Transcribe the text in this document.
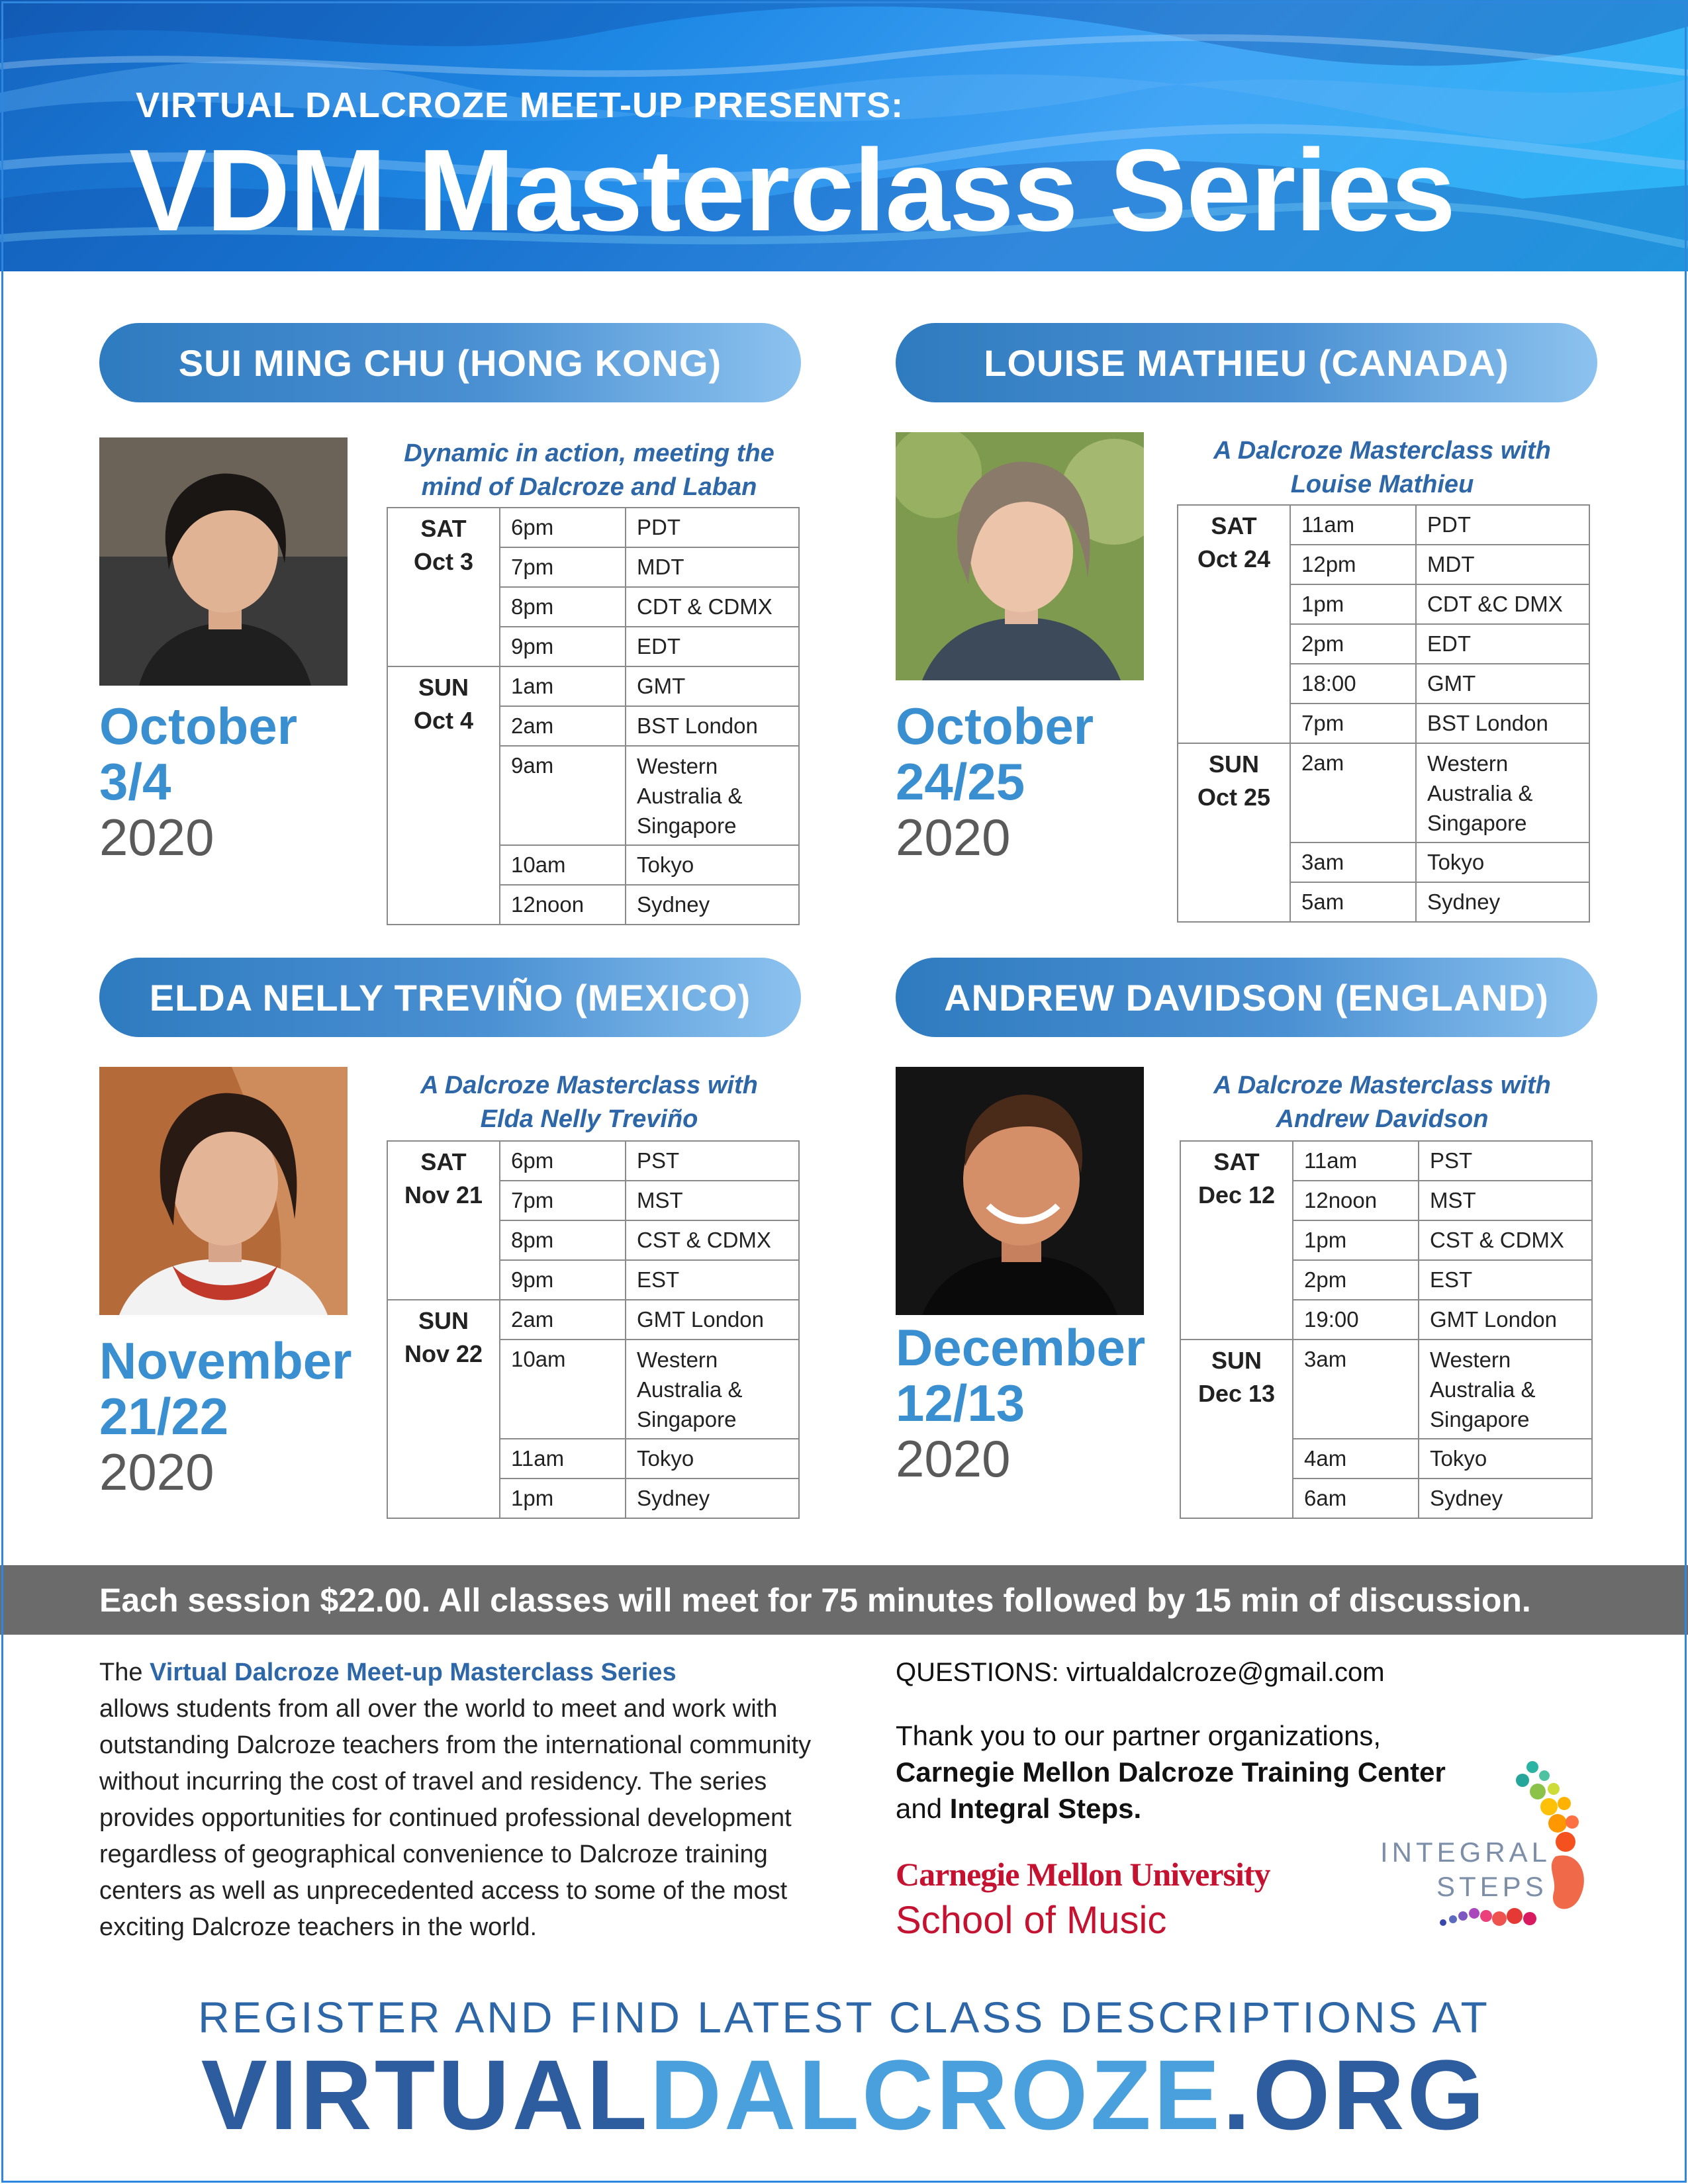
VIRTUAL DALCROZE MEET-UP PRESENTS:
VDM Masterclass Series
SUI MING CHU (HONG KONG)
October
3/4
2020
Dynamic in action, meeting the
mind of Dalcroze and Laban
SAT
Oct 3	6pm	PDT
	7pm	MDT
	8pm	CDT & CDMX
	9pm	EDT
SUN
Oct 4	1am	GMT
	2am	BST London
	9am	Western Australia & Singapore
	10am	Tokyo
	12noon	Sydney
LOUISE MATHIEU (CANADA)
October
24/25
2020
A Dalcroze Masterclass with
Louise Mathieu
SAT
Oct 24	11am	PDT
	12pm	MDT
	1pm	CDT &C DMX
	2pm	EDT
	18:00	GMT
	7pm	BST London
SUN
Oct 25	2am	Western Australia & Singapore
	3am	Tokyo
	5am	Sydney
ELDA NELLY TREVIÑO (MEXICO)
November
21/22
2020
A Dalcroze Masterclass with
Elda Nelly Treviño
SAT
Nov 21	6pm	PST
	7pm	MST
	8pm	CST & CDMX
	9pm	EST
SUN
Nov 22	2am	GMT London
	10am	Western Australia & Singapore
	11am	Tokyo
	1pm	Sydney
ANDREW DAVIDSON (ENGLAND)
December
12/13
2020
A Dalcroze Masterclass with
Andrew Davidson
SAT
Dec 12	11am	PST
	12noon	MST
	1pm	CST & CDMX
	2pm	EST
	19:00	GMT London
SUN
Dec 13	3am	Western Australia & Singapore
	4am	Tokyo
	6am	Sydney
Each session $22.00. All classes will meet for 75 minutes followed by 15 min of discussion.
The Virtual Dalcroze Meet-up Masterclass Series
allows students from all over the world to meet and work with outstanding Dalcroze teachers from the international community without incurring the cost of travel and residency. The series provides opportunities for continued professional development regardless of geographical convenience to Dalcroze training centers as well as unprecedented access to some of the most exciting Dalcroze teachers in the world.
QUESTIONS: virtualdalcroze@gmail.com
Thank you to our partner organizations,
Carnegie Mellon Dalcroze Training Center and Integral Steps.
Carnegie Mellon University
School of Music
INTEGRAL
STEPS
REGISTER AND FIND LATEST CLASS DESCRIPTIONS AT
VIRTUALDALCROZE.ORG
